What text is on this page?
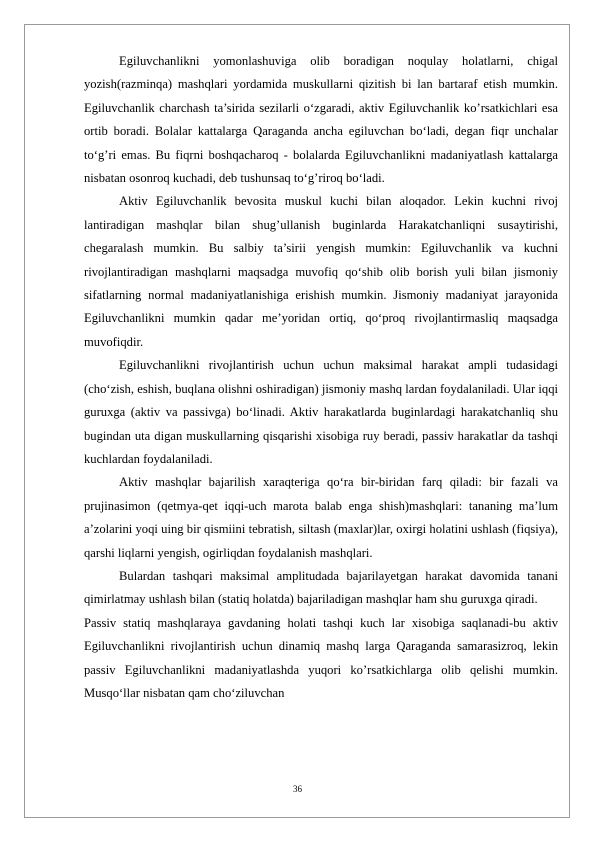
Egiluvchanlikni yomonlashuviga olib boradigan noqulay holatlarni, chigal yozish(razminqa) mashqlari yordamida muskullarni qizitish bi lan bartaraf etish mumkin. Egiluvchanlik charchash ta’sirida sezilarli o‘zgaradi, aktiv Egiluvchanlik ko’rsatkichlari esa ortib boradi. Bolalar kattalarga Qaraganda ancha egiluvchan bo‘ladi, degan fiqr unchalar to‘g’ri emas. Bu fiqrni boshqacharoq - bolalarda Egiluvchanlikni madaniyatlash kattalarga nisbatan osonroq kuchadi, deb tushunsaq to‘g’riroq bo‘ladi.

Aktiv Egiluvchanlik bevosita muskul kuchi bilan aloqador. Lekin kuchni rivoj lantiradigan mashqlar bilan shug’ullanish buginlarda Harakatchanliqni susaytirishi, chegaralash mumkin. Bu salbiy ta’sirii yengish mumkin: Egiluvchanlik va kuchni rivojlantiradigan mashqlarni maqsadga muvofiq qo‘shib olib borish yuli bilan jismoniy sifatlarning normal madaniyatlanishiga erishish mumkin. Jismoniy madaniyat jarayonida Egiluvchanlikni mumkin qadar me’yoridan ortiq, qo‘proq rivojlantirmasliq maqsadga muvofiqdir.

Egiluvchanlikni rivojlantirish uchun uchun maksimal harakat ampli tudasidagi (cho‘zish, eshish, buqlana olishni oshiradigan) jismoniy mashq lardan foydalaniladi. Ular iqqi guruxga (aktiv va passivga) bo‘linadi. Aktiv harakatlarda buginlardagi harakatchanliq shu bugindan uta digan muskullarning qisqarishi xisobiga ruy beradi, passiv harakatlar da tashqi kuchlardan foydalaniladi.

Aktiv mashqlar bajarilish xaraqteriga qo‘ra bir-biridan farq qiladi: bir fazali va prujinasimon (qetmya-qet iqqi-uch marota balab enga shish)mashqlari: tananing ma’lum a’zolarini yoqi uing bir qismiini tebratish, siltash (maxlar)lar, oxirgi holatini ushlash (fiqsiya), qarshi liqlarni yengish, ogirliqdan foydalanish mashqlari.

Bulardan tashqari maksimal amplitudada bajarilayetgan harakat davomida tanani qimirlatmay ushlash bilan (statiq holatda) bajariladigan mashqlar ham shu guruxga qiradi.

Passiv statiq mashqlaraya gavdaning holati tashqi kuch lar xisobiga saqlanadi-bu aktiv Egiluvchanlikni rivojlantirish uchun dinamiq mashq larga Qaraganda samarasizroq, lekin passiv Egiluvchanlikni madaniyatlashda yuqori ko’rsatkichlarga olib qelishi mumkin. Musqo‘llar nisbatan qam cho‘ziluvchan

36
